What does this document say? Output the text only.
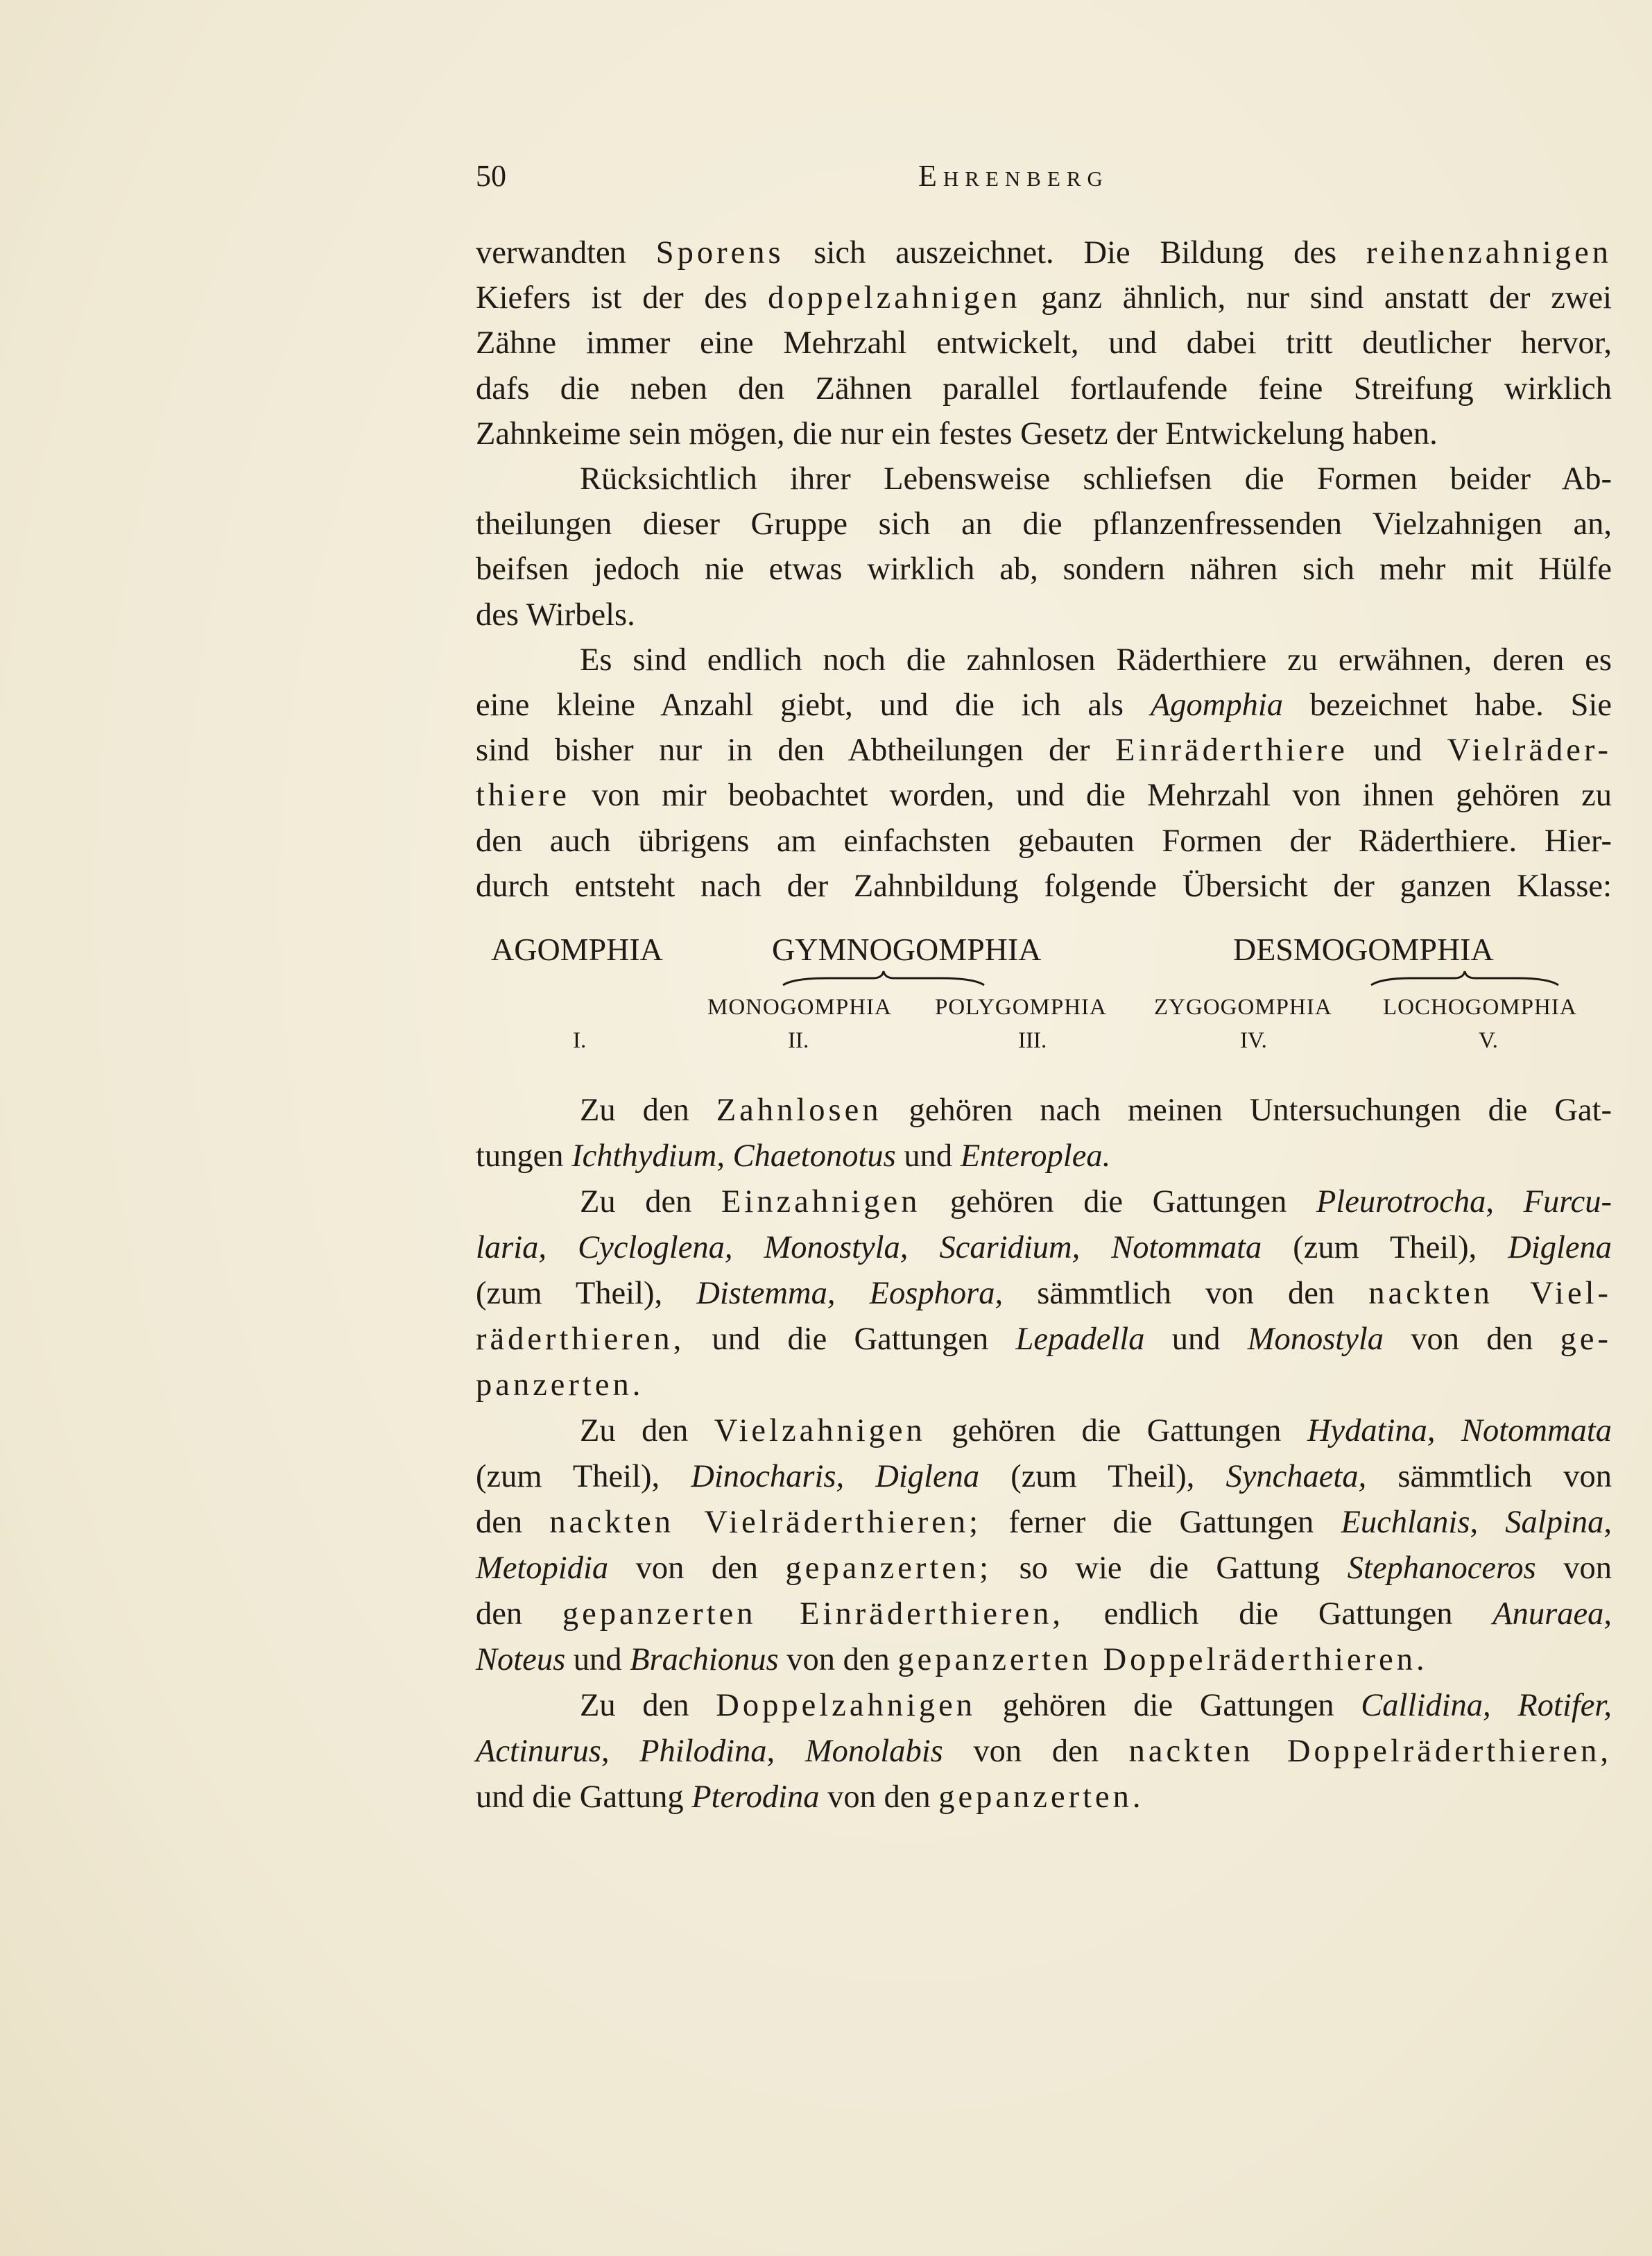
50	Ehrenberg
verwandten Sporens sich auszeichnet. Die Bildung des reihenzahnigen
Kiefers ist der des doppelzahnigen ganz ähnlich, nur sind anstatt der zwei
Zähne immer eine Mehrzahl entwickelt, und dabei tritt deutlicher hervor,
dafs die neben den Zähnen parallel fortlaufende feine Streifung wirklich
Zahnkeime sein mögen, die nur ein festes Gesetz der Entwickelung haben.
Rücksichtlich ihrer Lebensweise schliefsen die Formen beider Ab-
theilungen dieser Gruppe sich an die pflanzenfressenden Vielzahnigen an,
beifsen jedoch nie etwas wirklich ab, sondern nähren sich mehr mit Hülfe
des Wirbels.
Es sind endlich noch die zahnlosen Räderthiere zu erwähnen, deren es
eine kleine Anzahl giebt, und die ich als Agomphia bezeichnet habe. Sie
sind bisher nur in den Abtheilungen der Einräderthiere und Vielräder-
thiere von mir beobachtet worden, und die Mehrzahl von ihnen gehören zu
den auch übrigens am einfachsten gebauten Formen der Räderthiere. Hier-
durch entsteht nach der Zahnbildung folgende Übersicht der ganzen Klasse:
AGOMPHIA	GYMNOGOMPHIA	DESMOGOMPHIA
MONOGOMPHIA POLYGOMPHIA ZYGOGOMPHIA LOCHOGOMPHIA
I.	II.	III.	IV.	V.
Zu den Zahnlosen gehören nach meinen Untersuchungen die Gat-
tungen Ichthydium, Chaetonotus und Enteroplea.
Zu den Einzahnigen gehören die Gattungen Pleurotrocha, Furcu-
laria, Cycloglena, Monostyla, Scaridium, Notommata (zum Theil), Diglena
(zum Theil), Distemma, Eosphora, sämmtlich von den nackten Viel-
räderthieren, und die Gattungen Lepadella und Monostyla von den ge-
panzerten.
Zu den Vielzahnigen gehören die Gattungen Hydatina, Notommata
(zum Theil), Dinocharis, Diglena (zum Theil), Synchaeta, sämmtlich von
den nackten Vielräderthieren; ferner die Gattungen Euchlanis, Salpina,
Metopidia von den gepanzerten; so wie die Gattung Stephanoceros von
den gepanzerten Einräderthieren, endlich die Gattungen Anuraea,
Noteus und Brachionus von den gepanzerten Doppelräderthieren.
Zu den Doppelzahnigen gehören die Gattungen Callidina, Rotifer,
Actinurus, Philodina, Monolabis von den nackten Doppelräderthieren,
und die Gattung Pterodina von den gepanzerten.
